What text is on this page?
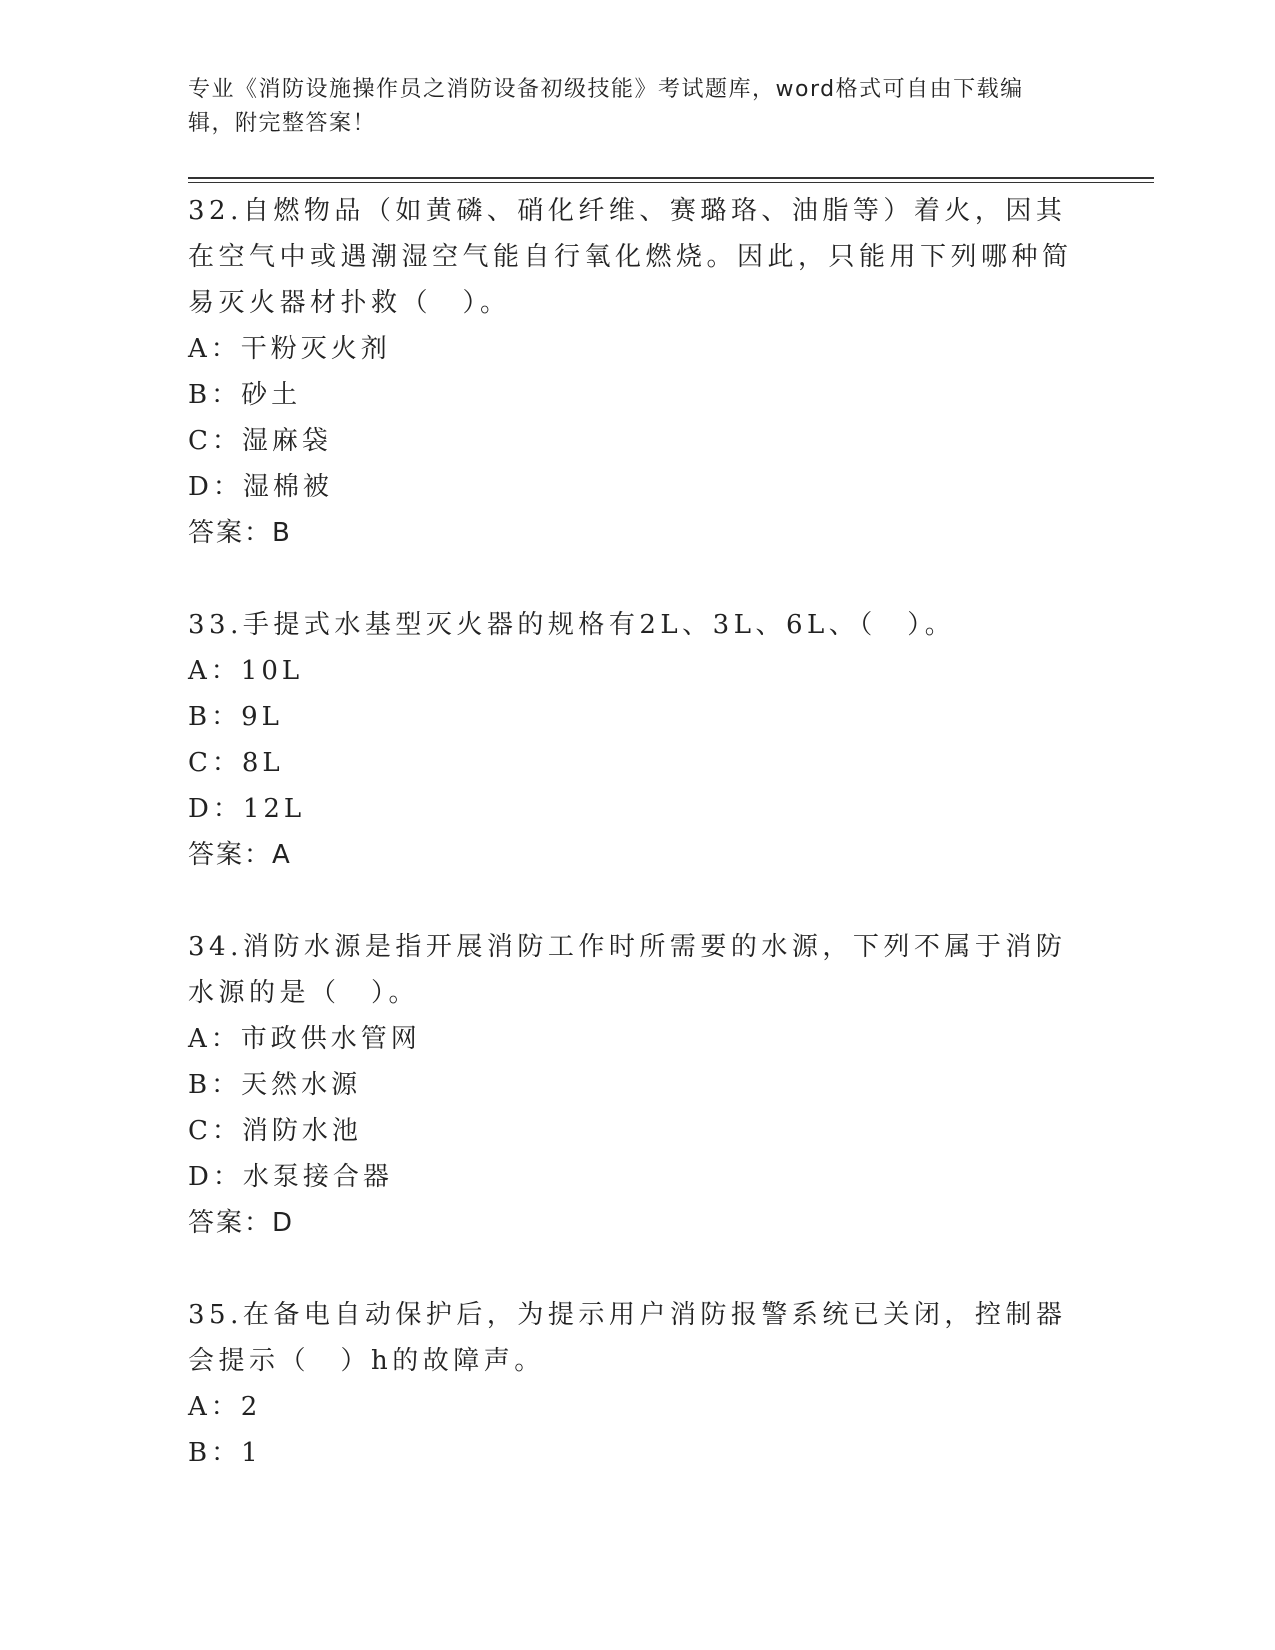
专业《消防设施操作员之消防设备初级技能》考试题库，word格式可自由下载编辑，附完整答案！

32.自燃物品（如黄磷、硝化纤维、赛璐珞、油脂等）着火，因其在空气中或遇潮湿空气能自行氧化燃烧。因此，只能用下列哪种简易灭火器材扑救（　）。

A：干粉灭火剂

B：砂土

C：湿麻袋

D：湿棉被

答案：B

33.手提式水基型灭火器的规格有2L、3L、6L、（　）。

A：10L

B：9L

C：8L

D：12L

答案：A

34.消防水源是指开展消防工作时所需要的水源，下列不属于消防水源的是（　）。

A：市政供水管网

B：天然水源

C：消防水池

D：水泵接合器

答案：D

35.在备电自动保护后，为提示用户消防报警系统已关闭，控制器会提示（　）h的故障声。

A：2

B：1
